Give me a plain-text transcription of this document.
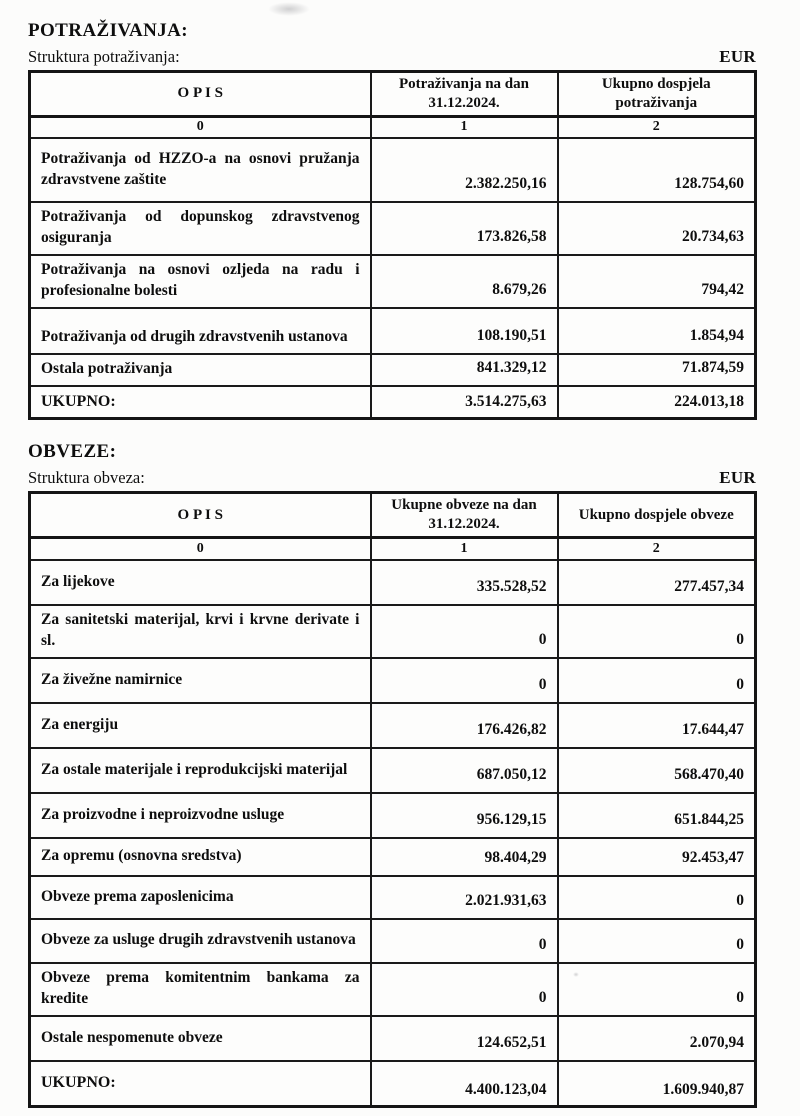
POTRAŽIVANJA:
Struktura potraživanja:	EUR
O P I S	Potraživanja na dan 31.12.2024.	Ukupno dospjela potraživanja
0	1	2
Potraživanja od HZZO-a na osnovi pružanja zdravstvene zaštite	2.382.250,16	128.754,60
Potraživanja od dopunskog zdravstvenog osiguranja	173.826,58	20.734,63
Potraživanja na osnovi ozljeda na radu i profesionalne bolesti	8.679,26	794,42
Potraživanja od drugih zdravstvenih ustanova	108.190,51	1.854,94
Ostala potraživanja	841.329,12	71.874,59
UKUPNO:	3.514.275,63	224.013,18
OBVEZE:
Struktura obveza:	EUR
O P I S	Ukupne obveze na dan 31.12.2024.	Ukupno dospjele obveze
0	1	2
Za lijekove	335.528,52	277.457,34
Za sanitetski materijal, krvi i krvne derivate i sl.	0	0
Za živežne namirnice	0	0
Za energiju	176.426,82	17.644,47
Za ostale materijale i reprodukcijski materijal	687.050,12	568.470,40
Za proizvodne i neproizvodne usluge	956.129,15	651.844,25
Za opremu (osnovna sredstva)	98.404,29	92.453,47
Obveze prema zaposlenicima	2.021.931,63	0
Obveze za usluge drugih zdravstvenih ustanova	0	0
Obveze prema komitentnim bankama za kredite	0	0
Ostale nespomenute obveze	124.652,51	2.070,94
UKUPNO:	4.400.123,04	1.609.940,87
